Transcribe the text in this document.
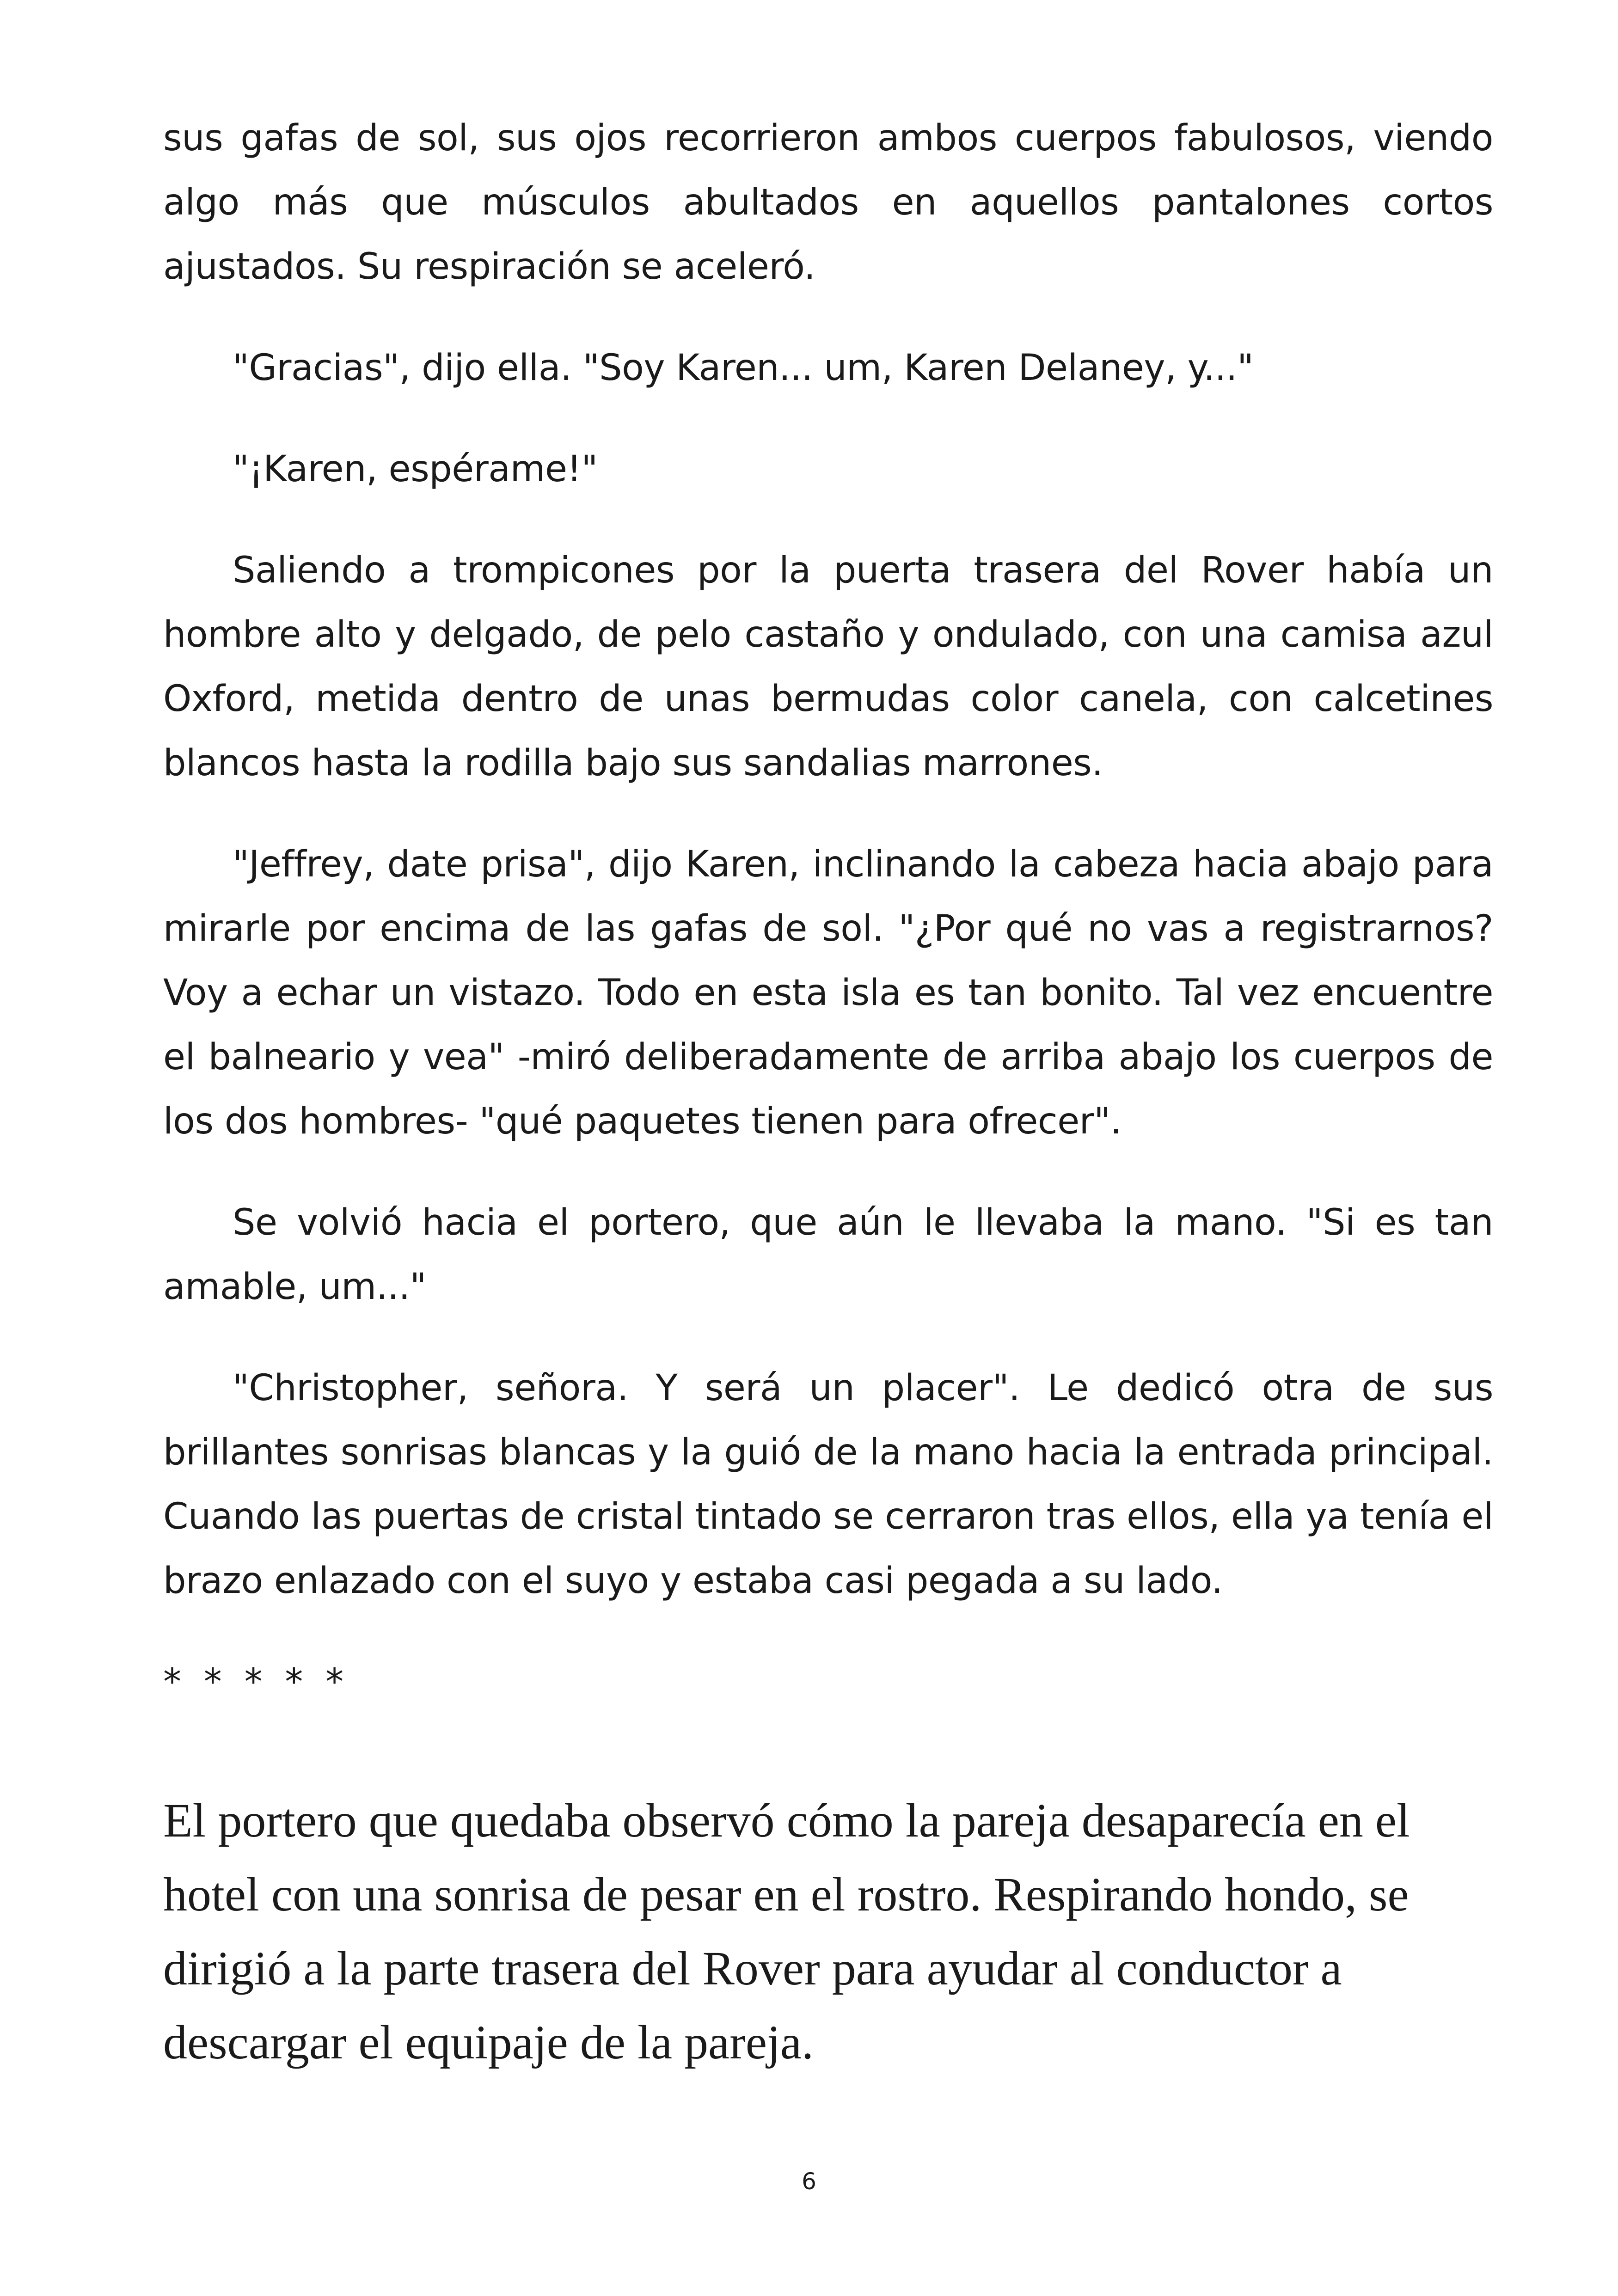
sus gafas de sol, sus ojos recorrieron ambos cuerpos fabulosos, viendo algo más que músculos abultados en aquellos pantalones cortos ajustados. Su respiración se aceleró.

"Gracias", dijo ella. "Soy Karen... um, Karen Delaney, y..."

"¡Karen, espérame!"

Saliendo a trompicones por la puerta trasera del Rover había un hombre alto y delgado, de pelo castaño y ondulado, con una camisa azul Oxford, metida dentro de unas bermudas color canela, con calcetines blancos hasta la rodilla bajo sus sandalias marrones.

"Jeffrey, date prisa", dijo Karen, inclinando la cabeza hacia abajo para mirarle por encima de las gafas de sol. "¿Por qué no vas a registrarnos? Voy a echar un vistazo. Todo en esta isla es tan bonito. Tal vez encuentre el balneario y vea" -miró deliberadamente de arriba abajo los cuerpos de los dos hombres- "qué paquetes tienen para ofrecer".

Se volvió hacia el portero, que aún le llevaba la mano. "Si es tan amable, um..."

"Christopher, señora. Y será un placer". Le dedicó otra de sus brillantes sonrisas blancas y la guió de la mano hacia la entrada principal. Cuando las puertas de cristal tintado se cerraron tras ellos, ella ya tenía el brazo enlazado con el suyo y estaba casi pegada a su lado.

* * * * *

El portero que quedaba observó cómo la pareja desaparecía en el hotel con una sonrisa de pesar en el rostro. Respirando hondo, se dirigió a la parte trasera del Rover para ayudar al conductor a descargar el equipaje de la pareja.

6
